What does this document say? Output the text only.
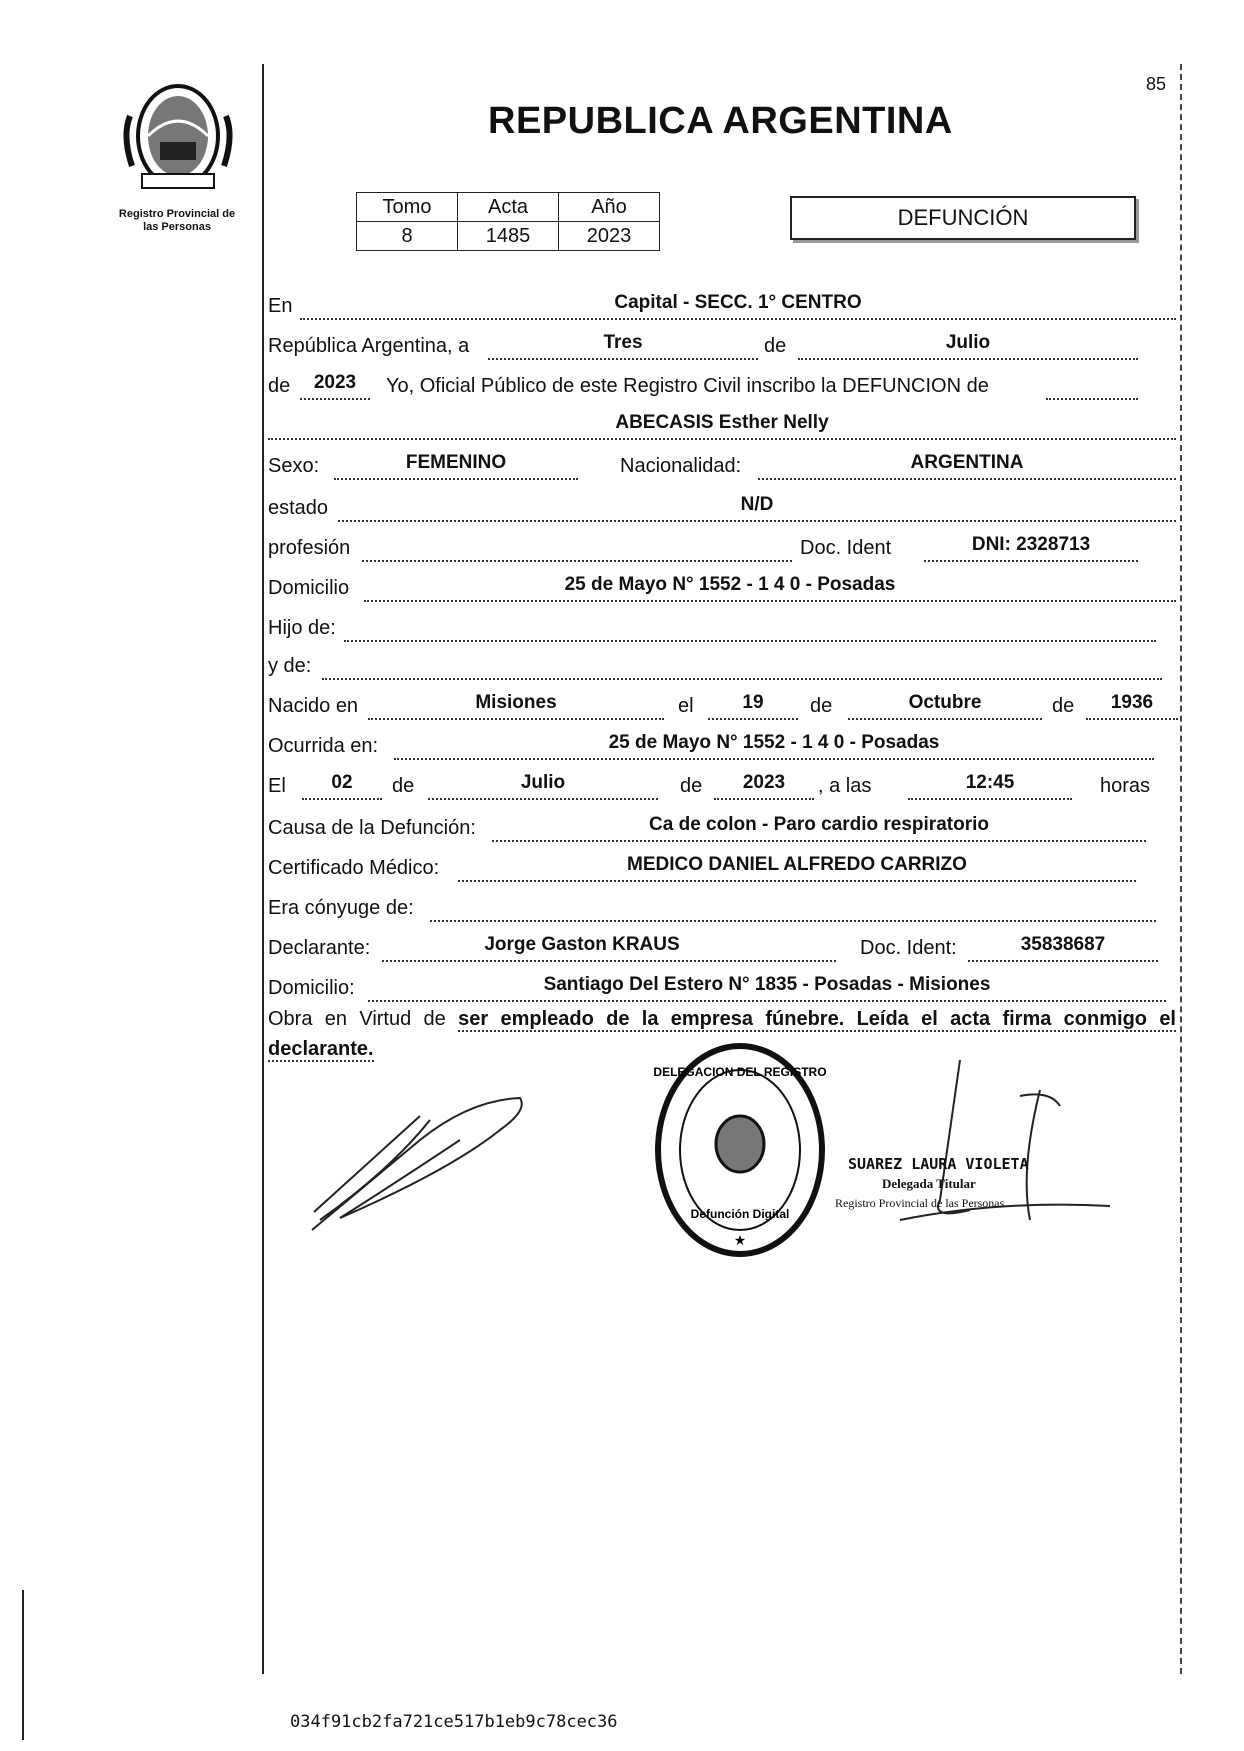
Registro Provincial de
las Personas
85
REPUBLICA ARGENTINA
Tomo	Acta	Año
8	1485	2023
DEFUNCIÓN
En	Capital - SECC. 1° CENTRO
República Argentina, a	Tres	de	Julio
de	2023	Yo, Oficial Público de este Registro Civil inscribo la DEFUNCION de
ABECASIS Esther Nelly
Sexo:	FEMENINO	Nacionalidad:	ARGENTINA
estado	N/D
profesión	Doc. Ident	DNI: 2328713
Domicilio	25 de Mayo N° 1552 - 1 4 0 - Posadas
Hijo de:
y de:
Nacido en	Misiones	el	19	de	Octubre	de	1936
Ocurrida en:	25 de Mayo N° 1552 - 1 4 0 - Posadas
El	02	de	Julio	de	2023	, a las	12:45	horas
Causa de la Defunción:	Ca de colon - Paro cardio respiratorio
Certificado Médico:	MEDICO DANIEL ALFREDO CARRIZO
Era cónyuge de:
Declarante:	Jorge Gaston KRAUS	Doc. Ident:	35838687
Domicilio:	Santiago Del Estero N° 1835 - Posadas - Misiones
Obra en Virtud de ser empleado de la empresa fúnebre. Leída el acta firma conmigo el declarante.
DELEGACION DEL REGISTRO
Defunción Digital
★
SUAREZ LAURA VIOLETA
Delegada Titular
Registro Provincial de las Personas
034f91cb2fa721ce517b1eb9c78cec36
